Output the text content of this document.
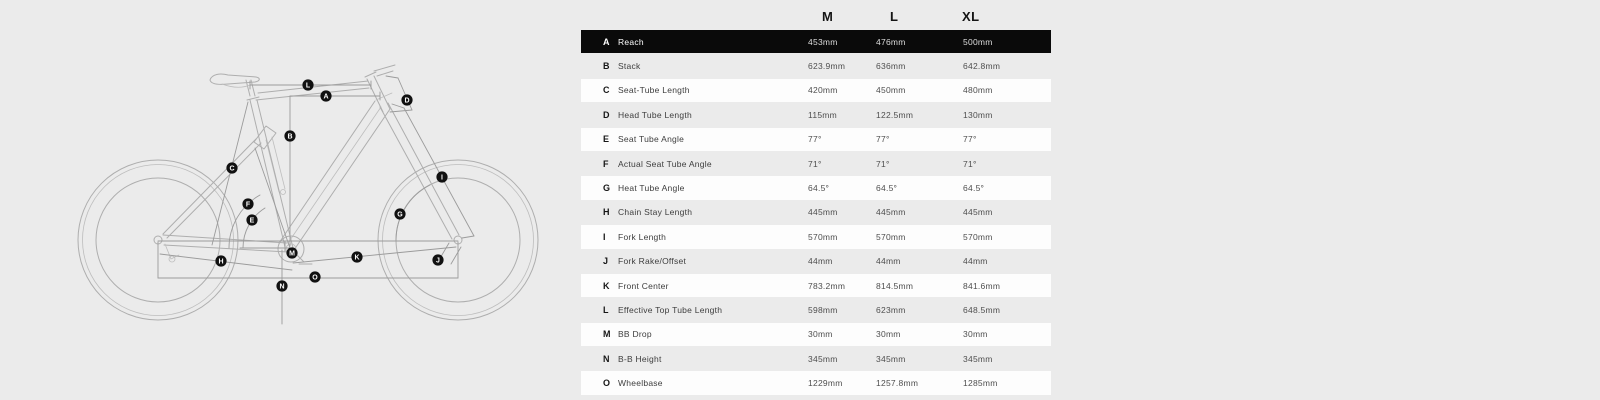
L
A
D
B
C
I
F
G
E
M
K	J
H
O
N
M	L	XL
A Reach	453mm	476mm	500mm
B Stack	623.9mm	636mm	642.8mm
C Seat-Tube Length	420mm	450mm	480mm
D Head Tube Length	115mm	122.5mm	130mm
E Seat Tube Angle	77°	77°	77°
F Actual Seat Tube Angle	71°	71°	71°
G Heat Tube Angle	64.5°	64.5°	64.5°
H Chain Stay Length	445mm	445mm	445mm
I Fork Length	570mm	570mm	570mm
J Fork Rake/Offset	44mm	44mm	44mm
K Front Center	783.2mm	814.5mm	841.6mm
L Effective Top Tube Length	598mm	623mm	648.5mm
M BB Drop	30mm	30mm	30mm
N B-B Height	345mm	345mm	345mm
O Wheelbase	1229mm	1257.8mm	1285mm
